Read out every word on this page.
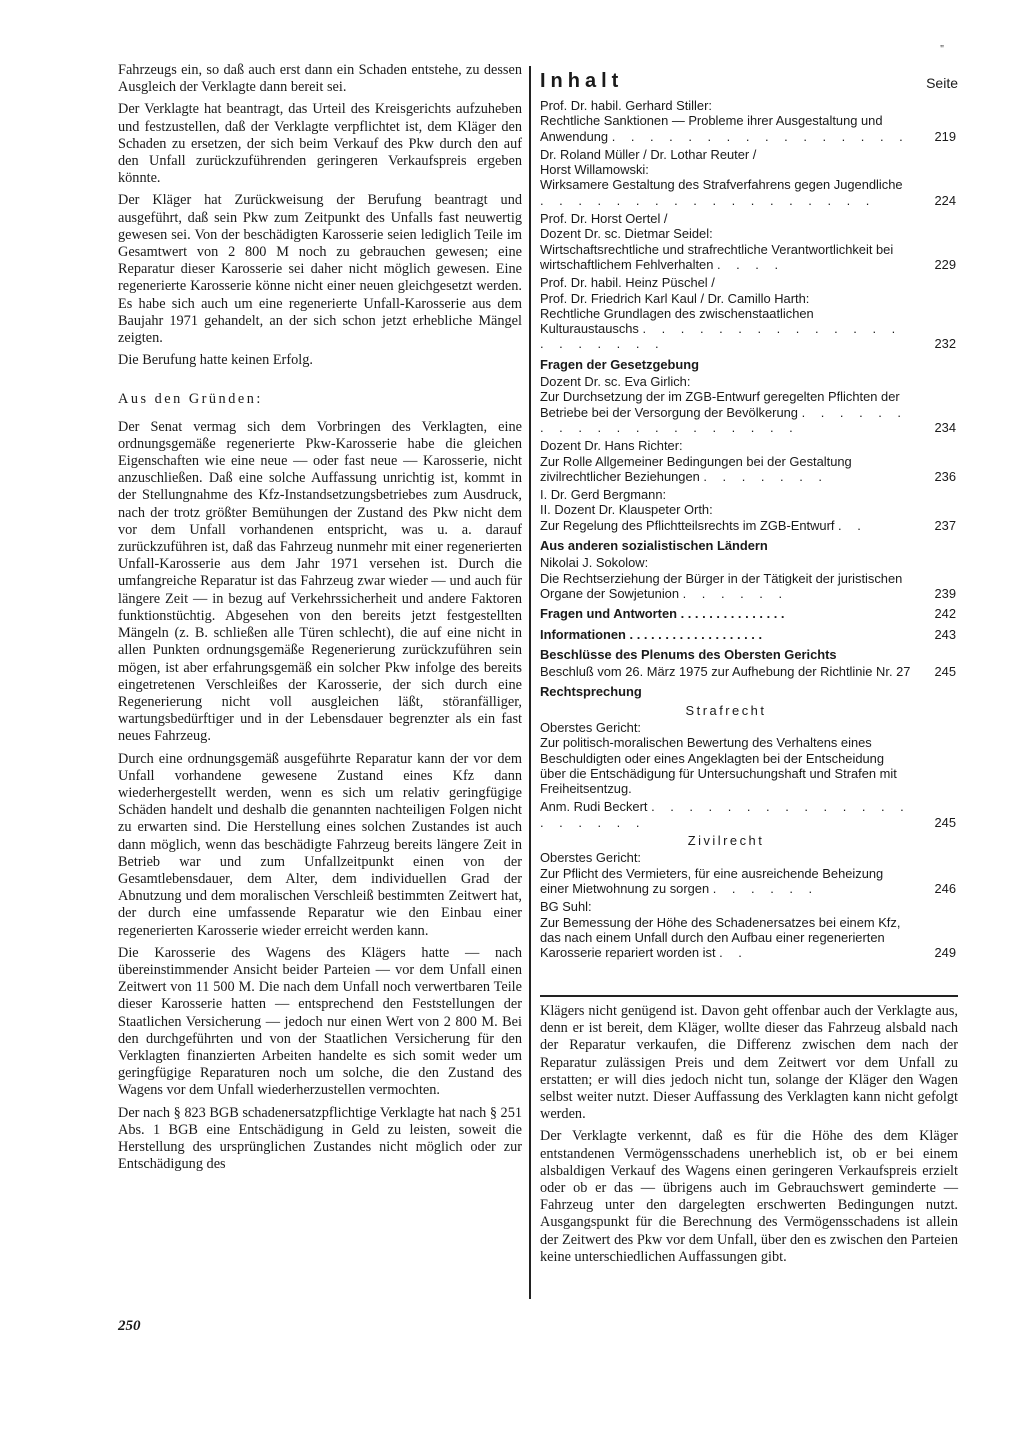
"

Fahrzeugs ein, so daß auch erst dann ein Schaden entstehe, zu dessen Ausgleich der Verklagte dann bereit sei.

Der Verklagte hat beantragt, das Urteil des Kreisgerichts aufzuheben und festzustellen, daß der Verklagte verpflichtet ist, dem Kläger den Schaden zu ersetzen, der sich beim Verkauf des Pkw durch den auf den Unfall zurückzuführenden geringeren Verkaufspreis ergeben könnte.

Der Kläger hat Zurückweisung der Berufung beantragt und ausgeführt, daß sein Pkw zum Zeitpunkt des Unfalls fast neuwertig gewesen sei. Von der beschädigten Karosserie seien lediglich Teile im Gesamtwert von 2 800 M noch zu gebrauchen gewesen; eine Reparatur dieser Karosserie sei daher nicht möglich gewesen. Eine regenerierte Karosserie könne nicht einer neuen gleichgesetzt werden. Es habe sich auch um eine regenerierte Unfall-Karosserie aus dem Baujahr 1971 gehandelt, an der sich schon jetzt erhebliche Mängel zeigten.

Die Berufung hatte keinen Erfolg.

Aus den Gründen:

Der Senat vermag sich dem Vorbringen des Verklagten, eine ordnungsgemäße regenerierte Pkw-Karosserie habe die gleichen Eigenschaften wie eine neue — oder fast neue — Karosserie, nicht anzuschließen. Daß eine solche Auffassung unrichtig ist, kommt in der Stellungnahme des Kfz-Instandsetzungsbetriebes zum Ausdruck, nach der trotz größter Bemühungen der Zustand des Pkw nicht dem vor dem Unfall vorhandenen entspricht, was u. a. darauf zurückzuführen ist, daß das Fahrzeug nunmehr mit einer regenerierten Unfall-Karosserie aus dem Jahr 1971 versehen ist. Durch die umfangreiche Reparatur ist das Fahrzeug zwar wieder — und auch für längere Zeit — in bezug auf Verkehrssicherheit und andere Faktoren funktionstüchtig. Abgesehen von den bereits jetzt festgestellten Mängeln (z. B. schließen alle Türen schlecht), die auf eine nicht in allen Punkten ordnungsgemäße Regenerierung zurückzuführen sein mögen, ist aber erfahrungsgemäß ein solcher Pkw infolge des bereits eingetretenen Verschleißes der Karosserie, der sich durch eine Regenerierung nicht voll ausgleichen läßt, störanfälliger, wartungsbedürftiger und in der Lebensdauer begrenzter als ein fast neues Fahrzeug.

Durch eine ordnungsgemäß ausgeführte Reparatur kann der vor dem Unfall vorhandene gewesene Zustand eines Kfz dann wiederhergestellt werden, wenn es sich um relativ geringfügige Schäden handelt und deshalb die genannten nachteiligen Folgen nicht zu erwarten sind. Die Herstellung eines solchen Zustandes ist auch dann möglich, wenn das beschädigte Fahrzeug bereits längere Zeit in Betrieb war und zum Unfallzeitpunkt einen von der Gesamtlebensdauer, dem Alter, dem individuellen Grad der Abnutzung und dem moralischen Verschleiß bestimmten Zeitwert hat, der durch eine umfassende Reparatur wie den Einbau einer regenerierten Karosserie wieder erreicht werden kann.

Die Karosserie des Wagens des Klägers hatte — nach übereinstimmender Ansicht beider Parteien — vor dem Unfall einen Zeitwert von 11 500 M. Die nach dem Unfall noch verwertbaren Teile dieser Karosserie hatten — entsprechend den Feststellungen der Staatlichen Versicherung — jedoch nur einen Wert von 2 800 M. Bei den durchgeführten und von der Staatlichen Versicherung für den Verklagten finanzierten Arbeiten handelte es sich somit weder um geringfügige Reparaturen noch um solche, die den Zustand des Wagens vor dem Unfall wiederherzustellen vermochten.

Der nach § 823 BGB schadenersatzpflichtige Verklagte hat nach § 251 Abs. 1 BGB eine Entschädigung in Geld zu leisten, soweit die Herstellung des ursprünglichen Zustandes nicht möglich oder zur Entschädigung des

Inhalt	Seite
Prof. Dr. habil. Gerhard Stiller:
Rechtliche Sanktionen — Probleme ihrer Ausgestaltung und Anwendung . . . . . . . . . . . . . . . . 219
Dr. Roland Müller / Dr. Lothar Reuter /
Horst Willamowski:
Wirksamere Gestaltung des Strafverfahrens gegen Jugendliche . . . . . . . . . . . . . . . . . .	224
Prof. Dr. Horst Oertel /
Dozent Dr. sc. Dietmar Seidel:
Wirtschaftsrechtliche und strafrechtliche Verantwortlichkeit bei wirtschaftlichem Fehlverhalten . . . .	229
Prof. Dr. habil. Heinz Püschel /
Prof. Dr. Friedrich Karl Kaul / Dr. Camillo Harth:
Rechtliche Grundlagen des zwischenstaatlichen Kulturaustauschs . . . . . . . . . . . . . . . . . . . . .	232
Fragen der Gesetzgebung
Dozent Dr. sc. Eva Girlich:
Zur Durchsetzung der im ZGB-Entwurf geregelten Pflichten der Betriebe bei der Versorgung der Bevölkerung . . . . . . . . . . . . . . . . . . . .	234
Dozent Dr. Hans Richter:
Zur Rolle Allgemeiner Bedingungen bei der Gestaltung zivilrechtlicher Beziehungen . . . . . . .	236
I. Dr. Gerd Bergmann:
II. Dozent Dr. Klauspeter Orth:
Zur Regelung des Pflichtteilsrechts im ZGB-Entwurf . .	237
Aus anderen sozialistischen Ländern
Nikolai J. Sokolow:
Die Rechtserziehung der Bürger in der Tätigkeit der juristischen Organe der Sowjetunion . . . . . .	239
Fragen und Antworten . . . . . . . . . . . . . . .	242
Informationen . . . . . . . . . . . . . . . . . . .	243
Beschlüsse des Plenums des Obersten Gerichts
Beschluß vom 26. März 1975 zur Aufhebung der Richtlinie Nr. 27 245
Rechtsprechung
Strafrecht
Oberstes Gericht:
Zur politisch-moralischen Bewertung des Verhaltens eines Beschuldigten oder eines Angeklagten bei der Entscheidung über die Entschädigung für Untersuchungshaft und Strafen mit Freiheitsentzug.
Anm. Rudi Beckert . . . . . . . . . . . . . . . . . . . .	245
Zivilrecht
Oberstes Gericht:
Zur Pflicht des Vermieters, für eine ausreichende Beheizung einer Mietwohnung zu sorgen . . . . . .	246
BG Suhl:
Zur Bemessung der Höhe des Schadenersatzes bei einem Kfz, das nach einem Unfall durch den Aufbau einer regenerierten Karosserie repariert worden ist . .	249

Klägers nicht genügend ist. Davon geht offenbar auch der Verklagte aus, denn er ist bereit, dem Kläger, wollte dieser das Fahrzeug alsbald nach der Reparatur verkaufen, die Differenz zwischen dem nach der Reparatur zulässigen Preis und dem Zeitwert vor dem Unfall zu erstatten; er will dies jedoch nicht tun, solange der Kläger den Wagen selbst weiter nutzt. Dieser Auffassung des Verklagten kann nicht gefolgt werden.

Der Verklagte verkennt, daß es für die Höhe des dem Kläger entstandenen Vermögensschadens unerheblich ist, ob er bei einem alsbaldigen Verkauf des Wagens einen geringeren Verkaufspreis erzielt oder ob er das — übrigens auch im Gebrauchswert geminderte — Fahrzeug unter den dargelegten erschwerten Bedingungen nutzt. Ausgangspunkt für die Berechnung des Vermögensschadens ist allein der Zeitwert des Pkw vor dem Unfall, über den es zwischen den Parteien keine unterschiedlichen Auffassungen gibt.

250
